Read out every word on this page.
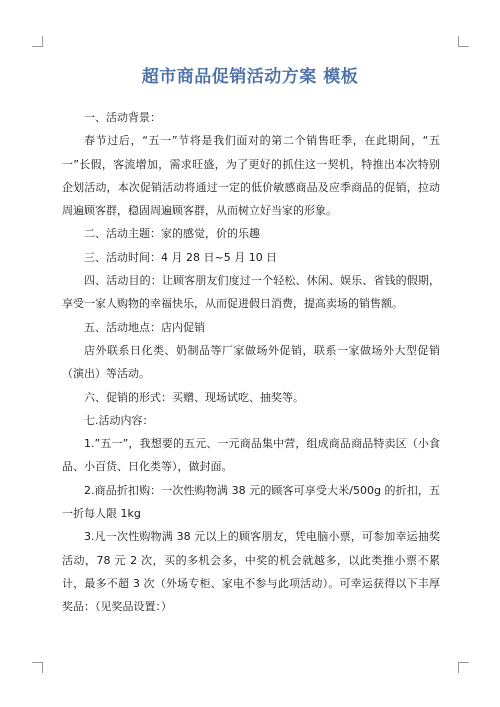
超市商品促销活动方案 模板

一、活动背景：

春节过后，“五一”节将是我们面对的第二个销售旺季，在此期间，“五一”长假，客流增加，需求旺盛，为了更好的抓住这一契机，特推出本次特别企划活动，本次促销活动将通过一定的低价敏感商品及应季商品的促销，拉动周遍顾客群，稳固周遍顾客群，从而树立好当家的形象。

二、活动主题：家的感觉，价的乐趣

三、活动时间：4 月 28 日~5 月 10 日

四、活动目的：让顾客朋友们度过一个轻松、休闲、娱乐、省钱的假期，享受一家人购物的幸福快乐，从而促进假日消费，提高卖场的销售额。

五、活动地点：店内促销

店外联系日化类、奶制品等厂家做场外促销，联系一家做场外大型促销（演出）等活动。

六、促销的形式：买赠、现场试吃、抽奖等。

七.活动内容：

1.”五一”，我想要的五元、一元商品集中营，组成商品商品特卖区（小食品、小百货、日化类等），做封面。

2.商品折扣购：一次性购物满 38 元的顾客可享受大米/500g 的折扣，五一折每人限 1kg

3.凡一次性购物满 38 元以上的顾客朋友，凭电脑小票，可参加幸运抽奖活动，78 元 2 次，买的多机会多，中奖的机会就越多，以此类推小票不累计，最多不超 3 次（外场专柜、家电不参与此项活动）。可幸运获得以下丰厚奖品：（见奖品设置：）
